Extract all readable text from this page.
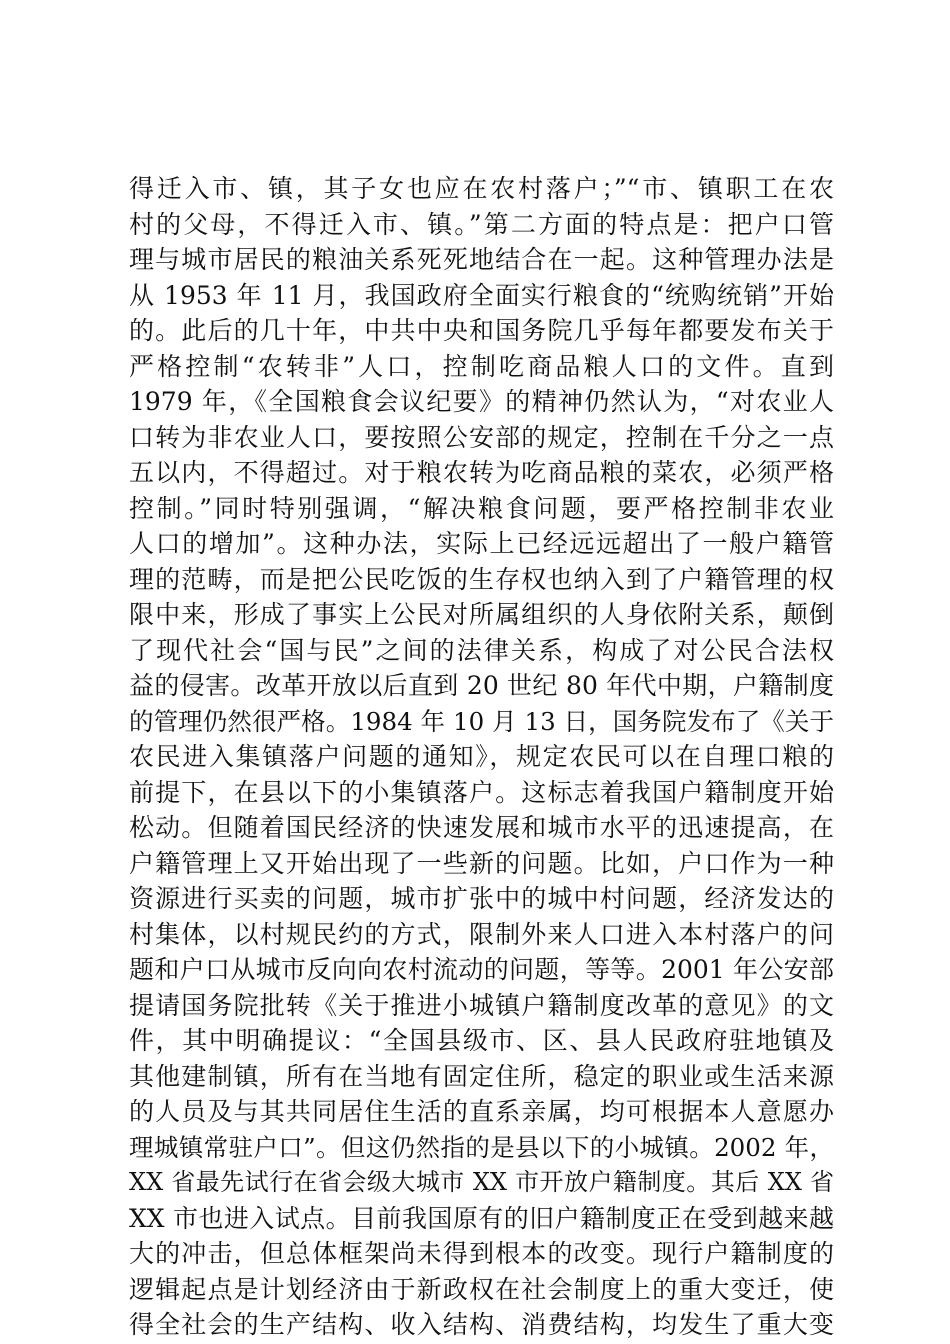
得迁入市、镇，其子女也应在农村落户；”“市、镇职工在农
村的父母，不得迁入市、镇。”第二方面的特点是：把户口管
理与城市居民的粮油关系死死地结合在一起。这种管理办法是
从 1953 年 11 月，我国政府全面实行粮食的“统购统销”开始
的。此后的几十年，中共中央和国务院几乎每年都要发布关于
严格控制“农转非”人口，控制吃商品粮人口的文件。直到
1979 年，《全国粮食会议纪要》的精神仍然认为，“对农业人
口转为非农业人口，要按照公安部的规定，控制在千分之一点
五以内，不得超过。对于粮农转为吃商品粮的菜农，必须严格
控制。”同时特别强调，“解决粮食问题，要严格控制非农业
人口的增加”。这种办法，实际上已经远远超出了一般户籍管
理的范畴，而是把公民吃饭的生存权也纳入到了户籍管理的权
限中来，形成了事实上公民对所属组织的人身依附关系，颠倒
了现代社会“国与民”之间的法律关系，构成了对公民合法权
益的侵害。改革开放以后直到 20 世纪 80 年代中期，户籍制度
的管理仍然很严格。1984 年 10 月 13 日，国务院发布了《关于
农民进入集镇落户问题的通知》，规定农民可以在自理口粮的
前提下，在县以下的小集镇落户。这标志着我国户籍制度开始
松动。但随着国民经济的快速发展和城市水平的迅速提高，在
户籍管理上又开始出现了一些新的问题。比如，户口作为一种
资源进行买卖的问题，城市扩张中的城中村问题，经济发达的
村集体，以村规民约的方式，限制外来人口进入本村落户的问
题和户口从城市反向向农村流动的问题，等等。2001 年公安部
提请国务院批转《关于推进小城镇户籍制度改革的意见》的文
件，其中明确提议：“全国县级市、区、县人民政府驻地镇及
其他建制镇，所有在当地有固定住所，稳定的职业或生活来源
的人员及与其共同居住生活的直系亲属，均可根据本人意愿办
理城镇常驻户口”。但这仍然指的是县以下的小城镇。2002 年，
XX 省最先试行在省会级大城市 XX 市开放户籍制度。其后 XX 省
XX 市也进入试点。目前我国原有的旧户籍制度正在受到越来越
大的冲击，但总体框架尚未得到根本的改变。现行户籍制度的
逻辑起点是计划经济由于新政权在社会制度上的重大变迁，使
得全社会的生产结构、收入结构、消费结构，均发生了重大变
